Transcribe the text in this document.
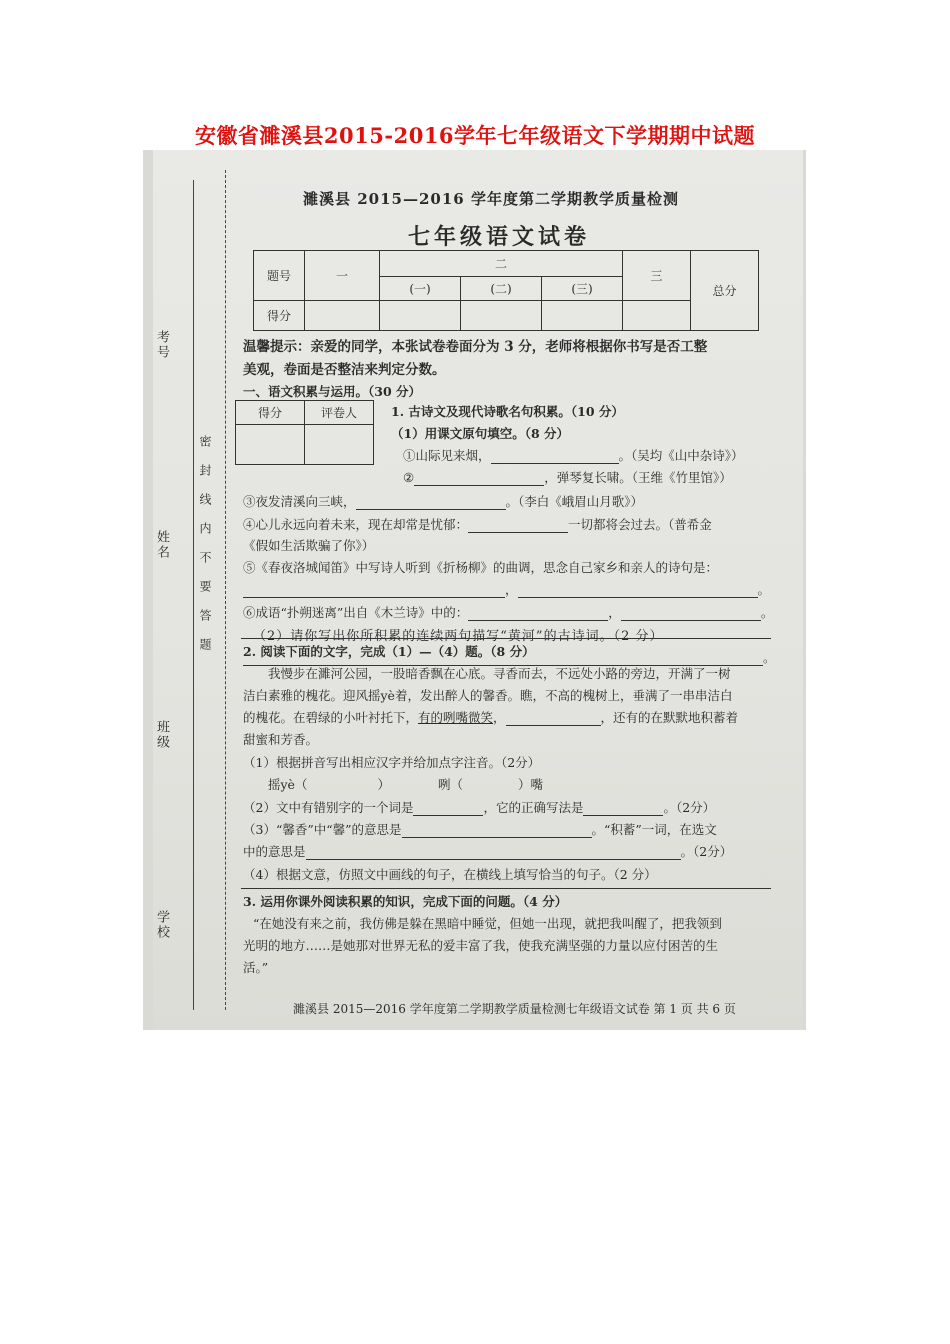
安徽省濉溪县2015-2016学年七年级语文下学期期中试题
考号
姓名
班级
学校
密封线内不要答题
濉溪县 2015—2016 学年度第二学期教学质量检测
七年级语文试卷
题号	一	二			三	总分
		(一)	(二)	(三)		
得分						
温馨提示：亲爱的同学，本张试卷卷面分为 3 分，老师将根据你书写是否工整
美观，卷面是否整洁来判定分数。
一、语文积累与运用。（30 分）
得分	评卷人
		1. 古诗文及现代诗歌名句积累。（10 分）
（1）用课文原句填空。（8 分）
①山际见来烟，	。（吴均《山中杂诗》）
②	，弹琴复长啸。（王维《竹里馆》）
③夜发清溪向三峡，	。（李白《峨眉山月歌》）
④心儿永远向着未来，现在却常是忧郁：	一切都将会过去。（普希金
《假如生活欺骗了你》）
⑤《春夜洛城闻笛》中写诗人听到《折杨柳》的曲调，思念自己家乡和亲人的诗句是：
，	。
⑥成语“扑朔迷离”出自《木兰诗》中的：	，	。
（2）请你写出你所积累的连续两句描写“黄河”的古诗词。（2 分）
。
2. 阅读下面的文字，完成（1）—（4）题。（8 分）
我慢步在濉河公园，一股暗香飘在心底。寻香而去，不远处小路的旁边，开满了一树
洁白素雅的槐花。迎风摇yè着，发出醉人的馨香。瞧，不高的槐树上，垂满了一串串洁白
的槐花。在碧绿的小叶衬托下，有的咧嘴微笑，	，还有的在默默地积蓄着
甜蜜和芳香。
（1）根据拼音写出相应汉字并给加点字注音。（2分）
摇yè（	）	咧（	）嘴
（2）文中有错别字的一个词是	，它的正确写法是	。（2分）
（3）“馨香”中“馨”的意思是	。“积蓄”一词，在选文
中的意思是	。（2分）
（4）根据文意，仿照文中画线的句子，在横线上填写恰当的句子。（2 分）
3. 运用你课外阅读积累的知识，完成下面的问题。（4 分）
“在她没有来之前，我仿佛是躲在黑暗中睡觉，但她一出现，就把我叫醒了，把我领到
光明的地方……是她那对世界无私的爱丰富了我，使我充满坚强的力量以应付困苦的生
活。”
濉溪县 2015—2016 学年度第二学期教学质量检测七年级语文试卷 第 1 页 共 6 页
